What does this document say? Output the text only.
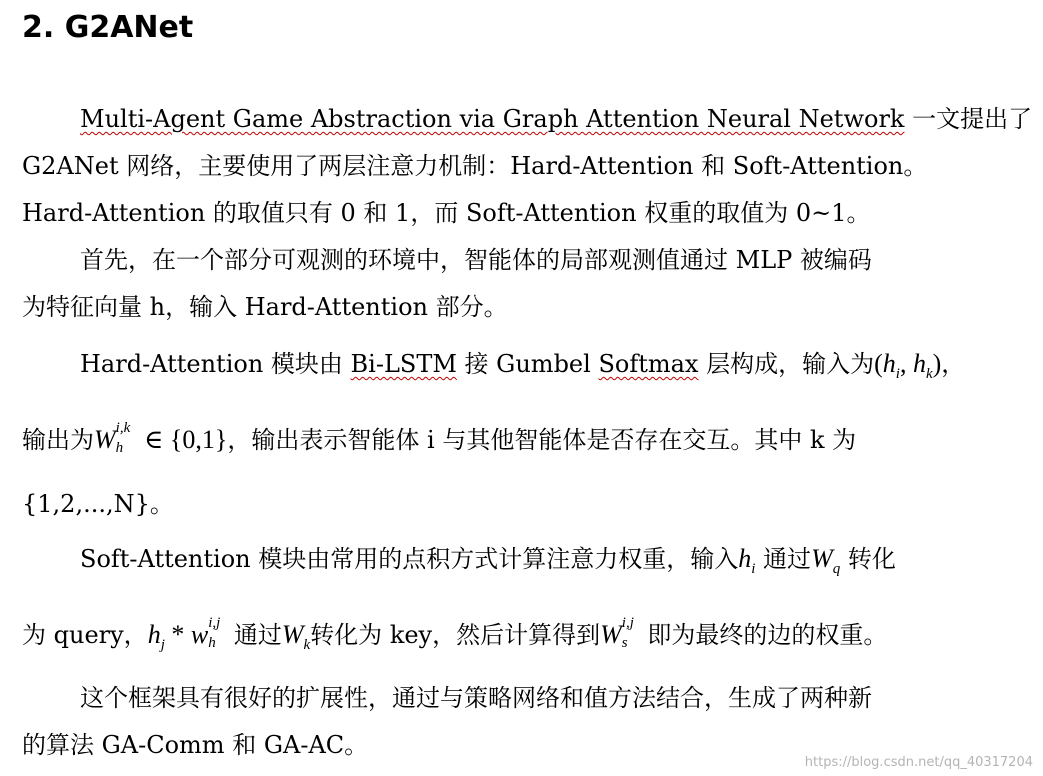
2. G2ANet
Multi-Agent Game Abstraction via Graph Attention Neural Network 一文提出了
G2ANet 网络，主要使用了两层注意力机制：Hard-Attention 和 Soft-Attention。
Hard-Attention 的取值只有 0 和 1，而 Soft-Attention 权重的取值为 0~1。
首先，在一个部分可观测的环境中，智能体的局部观测值通过 MLP 被编码
为特征向量 h，输入 Hard-Attention 部分。
Hard-Attention 模块由 Bi-LSTM 接 Gumbel Softmax 层构成，输入为($h_i$, $h_k$)，
输出为W i,k
h ∈ {0,1}，输出表示智能体 i 与其他智能体是否存在交互。其中 k 为
{1,2,...,N}。
Soft-Attention 模块由常用的点积方式计算注意力权重，输入$h_i$ 通过$W_q$ 转化
为 query，$h_j$ * w i,j
h 通过$W_k$转化为 key，然后计算得到W i,j
s 即为最终的边的权重。
这个框架具有很好的扩展性，通过与策略网络和值方法结合，生成了两种新
的算法 GA-Comm 和 GA-AC。
https://blog.csdn.net/qq_40317204
